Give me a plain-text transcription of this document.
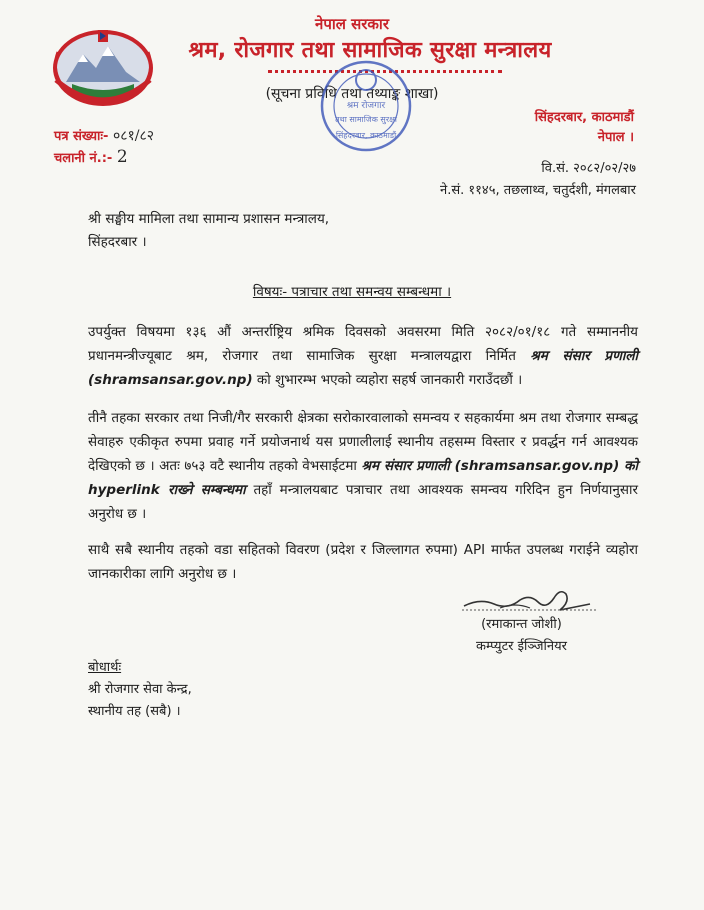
नेपाल सरकार
श्रम, रोजगार तथा सामाजिक सुरक्षा मन्त्रालय
(सूचना प्रविधि तथा तथ्याङ्क शाखा)
श्रम रोजगार
तथा सामाजिक सुरक्षा
सिंहदरबार, काठमाडौं
सिंहदरबार, काठमाडौं
नेपाल ।
पत्र संख्याः- ०८१/८२
चलानी नं.:- 2
वि.सं. २०८२/०२/२७
ने.सं. ११४५, तछलाथ्व, चतुर्दशी, मंगलबार
श्री सङ्घीय मामिला तथा सामान्य प्रशासन मन्त्रालय,
सिंहदरबार ।
विषयः- पत्राचार तथा समन्वय सम्बन्धमा ।
उपर्युक्त विषयमा १३६ औं अन्तर्राष्ट्रिय श्रमिक दिवसको अवसरमा मिति २०८२/०१/१८ गते सम्माननीय प्रधानमन्त्रीज्यूबाट श्रम, रोजगार तथा सामाजिक सुरक्षा मन्त्रालयद्वारा निर्मित श्रम संसार प्रणाली (shramsansar.gov.np) को शुभारम्भ भएको व्यहोरा सहर्ष जानकारी गराउँदछौं ।
तीनै तहका सरकार तथा निजी/गैर सरकारी क्षेत्रका सरोकारवालाको समन्वय र सहकार्यमा श्रम तथा रोजगार सम्बद्ध सेवाहरु एकीकृत रुपमा प्रवाह गर्ने प्रयोजनार्थ यस प्रणालीलाई स्थानीय तहसम्म विस्तार र प्रवर्द्धन गर्न आवश्यक देखिएको छ । अतः ७५३ वटै स्थानीय तहको वेभसाईटमा श्रम संसार प्रणाली (shramsansar.gov.np) को hyperlink राख्ने सम्बन्धमा तहाँ मन्त्रालयबाट पत्राचार तथा आवश्यक समन्वय गरिदिन हुन निर्णयानुसार अनुरोध छ ।
साथै सबै स्थानीय तहको वडा सहितको विवरण (प्रदेश र जिल्लागत रुपमा) API मार्फत उपलब्ध गराईने व्यहोरा जानकारीका लागि अनुरोध छ ।
(रमाकान्त जोशी)
कम्प्युटर ईञ्जिनियर
बोधार्थः
श्री रोजगार सेवा केन्द्र,
स्थानीय तह (सबै) ।
